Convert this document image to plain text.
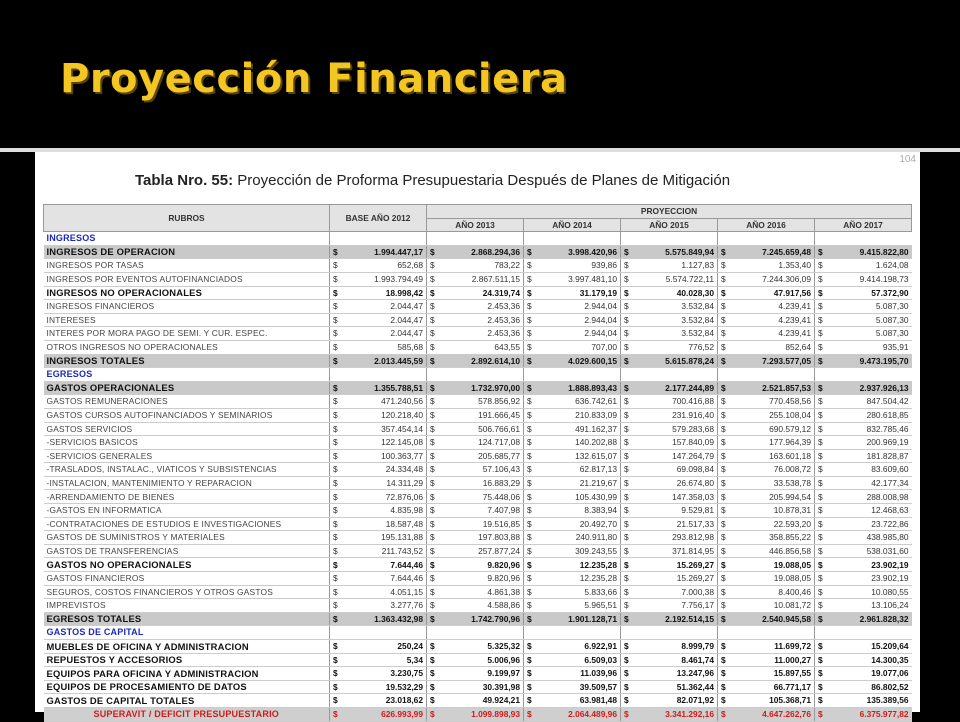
Proyección Financiera
104
Tabla Nro. 55: Proyección de Proforma Presupuestaria Después de Planes de Mitigación
RUBROS	BASE AÑO 2012	PROYECCION				
		AÑO 2013	AÑO 2014	AÑO 2015	AÑO 2016	AÑO 2017
INGRESOS						
INGRESOS DE OPERACION	$ 1.994.447,17	$ 2.868.294,36	$ 3.998.420,96	$ 5.575.849,94	$ 7.245.659,48	$ 9.415.822,80

INGRESOS POR TASAS	$ 652,68	$ 783,22	$ 939,86	$ 1.127,83	$ 1.353,40	$ 1.624,08

INGRESOS POR EVENTOS AUTOFINANCIADOS	$ 1.993.794,49	$ 2.867.511,15	$ 3.997.481,10	$ 5.574.722,11	$ 7.244.306,09	$ 9.414.198,73

INGRESOS NO OPERACIONALES	$ 18.998,42	$ 24.319,74	$ 31.179,19	$ 40.028,30	$ 47.917,56	$ 57.372,90

INGRESOS FINANCIEROS	$ 2.044,47	$ 2.453,36	$ 2.944,04	$ 3.532,84	$ 4.239,41	$ 5.087,30

INTERESES	$ 2.044,47	$ 2.453,36	$ 2.944,04	$ 3.532,84	$ 4.239,41	$ 5.087,30

INTERES POR MORA PAGO DE SEMI. Y CUR. ESPEC.	$ 2.044,47	$ 2.453,36	$ 2.944,04	$ 3.532,84	$ 4.239,41	$ 5.087,30

OTROS INGRESOS NO OPERACIONALES	$ 585,68	$ 643,55	$ 707,00	$ 776,52	$ 852,64	$ 935,91

INGRESOS TOTALES	$ 2.013.445,59	$ 2.892.614,10	$ 4.029.600,15	$ 5.615.878,24	$ 7.293.577,05	$ 9.473.195,70

EGRESOS						
GASTOS OPERACIONALES	$ 1.355.788,51	$ 1.732.970,00	$ 1.888.893,43	$ 2.177.244,89	$ 2.521.857,53	$ 2.937.926,13

GASTOS REMUNERACIONES	$ 471.240,56	$ 578.856,92	$ 636.742,61	$ 700.416,88	$ 770.458,56	$ 847.504,42

GASTOS CURSOS AUTOFINANCIADOS Y SEMINARIOS	$ 120.218,40	$ 191.666,45	$ 210.833,09	$ 231.916,40	$ 255.108,04	$ 280.618,85

GASTOS SERVICIOS	$ 357.454,14	$ 506.766,61	$ 491.162,37	$ 579.283,68	$ 690.579,12	$ 832.785,46

-SERVICIOS BASICOS	$ 122.145,08	$ 124.717,08	$ 140.202,88	$ 157.840,09	$ 177.964,39	$ 200.969,19

-SERVICIOS GENERALES	$ 100.363,77	$ 205.685,77	$ 132.615,07	$ 147.264,79	$ 163.601,18	$ 181.828,87

-TRASLADOS, INSTALAC., VIATICOS Y SUBSISTENCIAS	$ 24.334,48	$ 57.106,43	$ 62.817,13	$ 69.098,84	$ 76.008,72	$ 83.609,60

-INSTALACION, MANTENIMIENTO Y REPARACION	$ 14.311,29	$ 16.883,29	$ 21.219,67	$ 26.674,80	$ 33.538,78	$ 42.177,34

-ARRENDAMIENTO DE BIENES	$ 72.876,06	$ 75.448,06	$ 105.430,99	$ 147.358,03	$ 205.994,54	$ 288.008,98

-GASTOS EN INFORMATICA	$ 4.835,98	$ 7.407,98	$ 8.383,94	$ 9.529,81	$ 10.878,31	$ 12.468,63

-CONTRATACIONES DE ESTUDIOS E INVESTIGACIONES	$ 18.587,48	$ 19.516,85	$ 20.492,70	$ 21.517,33	$ 22.593,20	$ 23.722,86

GASTOS DE SUMINISTROS Y MATERIALES	$ 195.131,88	$ 197.803,88	$ 240.911,80	$ 293.812,98	$ 358.855,22	$ 438.985,80

GASTOS DE TRANSFERENCIAS	$ 211.743,52	$ 257.877,24	$ 309.243,55	$ 371.814,95	$ 446.856,58	$ 538.031,60

GASTOS NO OPERACIONALES	$ 7.644,46	$ 9.820,96	$ 12.235,28	$ 15.269,27	$ 19.088,05	$ 23.902,19

GASTOS FINANCIEROS	$ 7.644,46	$ 9.820,96	$ 12.235,28	$ 15.269,27	$ 19.088,05	$ 23.902,19

SEGUROS, COSTOS FINANCIEROS Y OTROS GASTOS	$ 4.051,15	$ 4.861,38	$ 5.833,66	$ 7.000,38	$ 8.400,46	$ 10.080,55

IMPREVISTOS	$ 3.277,76	$ 4.588,86	$ 5.965,51	$ 7.756,17	$ 10.081,72	$ 13.106,24

EGRESOS TOTALES	$ 1.363.432,98	$ 1.742.790,96	$ 1.901.128,71	$ 2.192.514,15	$ 2.540.945,58	$ 2.961.828,32

GASTOS DE CAPITAL						
MUEBLES DE OFICINA Y ADMINISTRACION	$ 250,24	$ 5.325,32	$ 6.922,91	$ 8.999,79	$ 11.699,72	$ 15.209,64

REPUESTOS Y ACCESORIOS	$ 5,34	$ 5.006,96	$ 6.509,03	$ 8.461,74	$ 11.000,27	$ 14.300,35

EQUIPOS PARA OFICINA Y ADMINISTRACION	$ 3.230,75	$ 9.199,97	$ 11.039,96	$ 13.247,96	$ 15.897,55	$ 19.077,06

EQUIPOS DE PROCESAMIENTO DE DATOS	$ 19.532,29	$ 30.391,98	$ 39.509,57	$ 51.362,44	$ 66.771,17	$ 86.802,52

GASTOS DE CAPITAL TOTALES	$ 23.018,62	$ 49.924,21	$ 63.981,48	$ 82.071,92	$ 105.368,71	$ 135.389,56

SUPERAVIT / DEFICIT PRESUPUESTARIO	$ 626.993,99	$ 1.099.898,93	$ 2.064.489,96	$ 3.341.292,16	$ 4.647.262,76	$ 6.375.977,82
